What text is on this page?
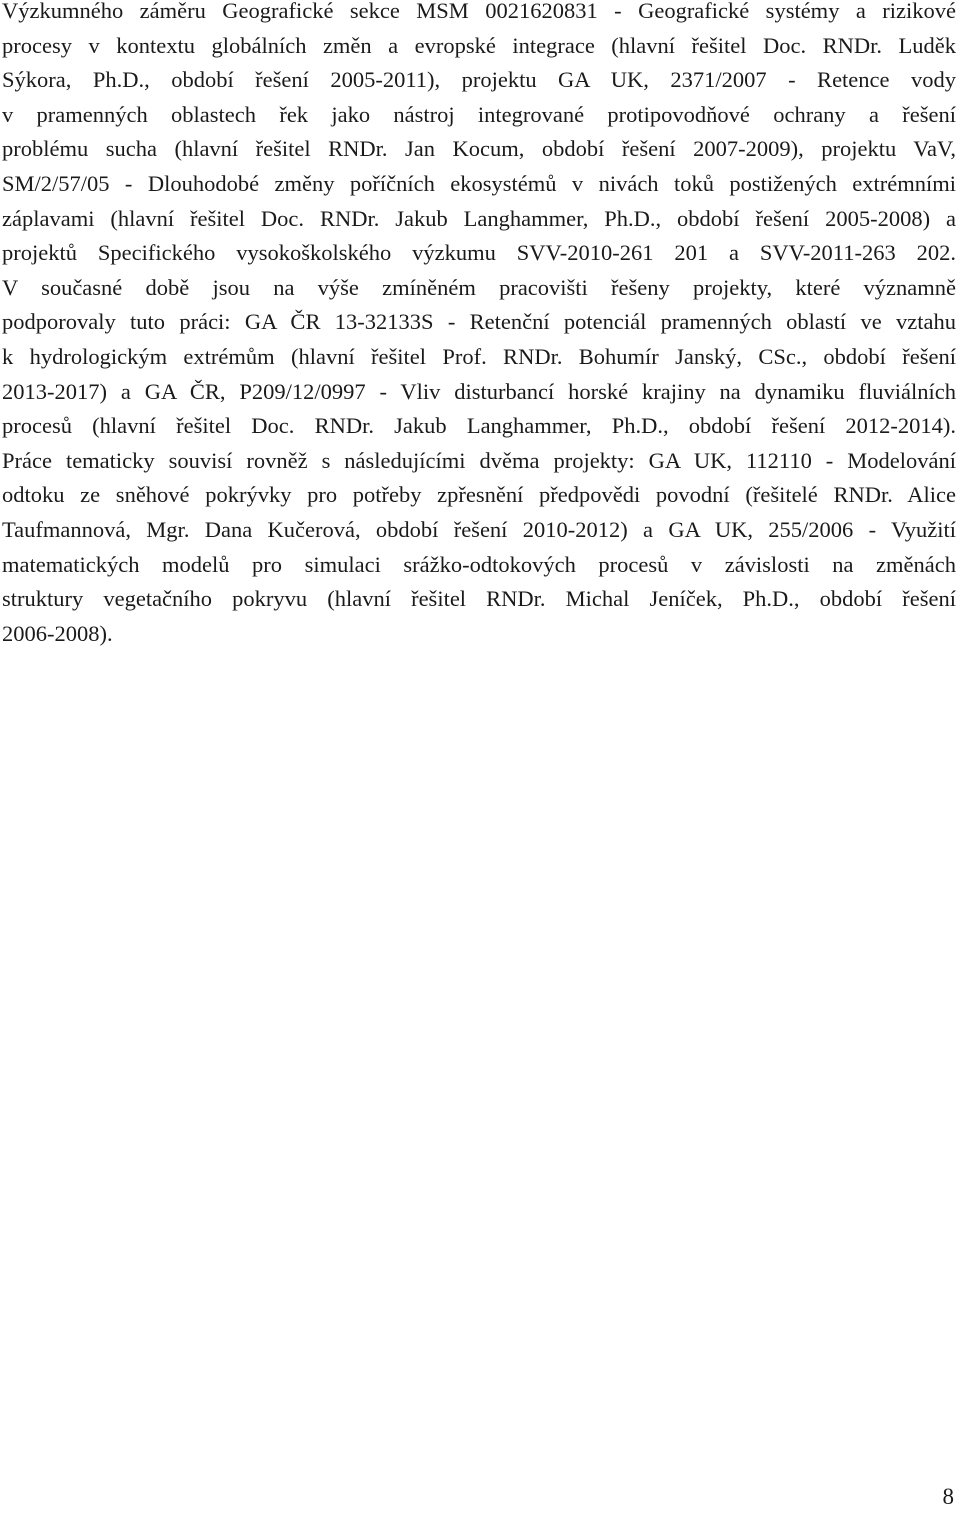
Výzkumného záměru Geografické sekce MSM 0021620831 - Geografické systémy a rizikové
procesy v kontextu globálních změn a evropské integrace (hlavní řešitel Doc. RNDr. Luděk
Sýkora, Ph.D., období řešení 2005-2011), projektu GA UK, 2371/2007 - Retence vody
v pramenných oblastech řek jako nástroj integrované protipovodňové ochrany a řešení
problému sucha (hlavní řešitel RNDr. Jan Kocum, období řešení 2007-2009), projektu VaV,
SM/2/57/05 - Dlouhodobé změny poříčních ekosystémů v nivách toků postižených extrémními
záplavami (hlavní řešitel Doc. RNDr. Jakub Langhammer, Ph.D., období řešení 2005-2008) a
projektů Specifického vysokoškolského výzkumu SVV-2010-261 201 a SVV-2011-263 202.
V současné době jsou na výše zmíněném pracovišti řešeny projekty, které významně
podporovaly tuto práci: GA ČR 13-32133S - Retenční potenciál pramenných oblastí ve vztahu
k hydrologickým extrémům (hlavní řešitel Prof. RNDr. Bohumír Janský, CSc., období řešení
2013-2017) a GA ČR, P209/12/0997 - Vliv disturbancí horské krajiny na dynamiku fluviálních
procesů (hlavní řešitel Doc. RNDr. Jakub Langhammer, Ph.D., období řešení 2012-2014).
Práce tematicky souvisí rovněž s následujícími dvěma projekty: GA UK, 112110 - Modelování
odtoku ze sněhové pokrývky pro potřeby zpřesnění předpovědi povodní (řešitelé RNDr. Alice
Taufmannová, Mgr. Dana Kučerová, období řešení 2010-2012) a GA UK, 255/2006 - Využití
matematických modelů pro simulaci srážko-odtokových procesů v závislosti na změnách
struktury vegetačního pokryvu (hlavní řešitel RNDr. Michal Jeníček, Ph.D., období řešení
2006-2008).
8
